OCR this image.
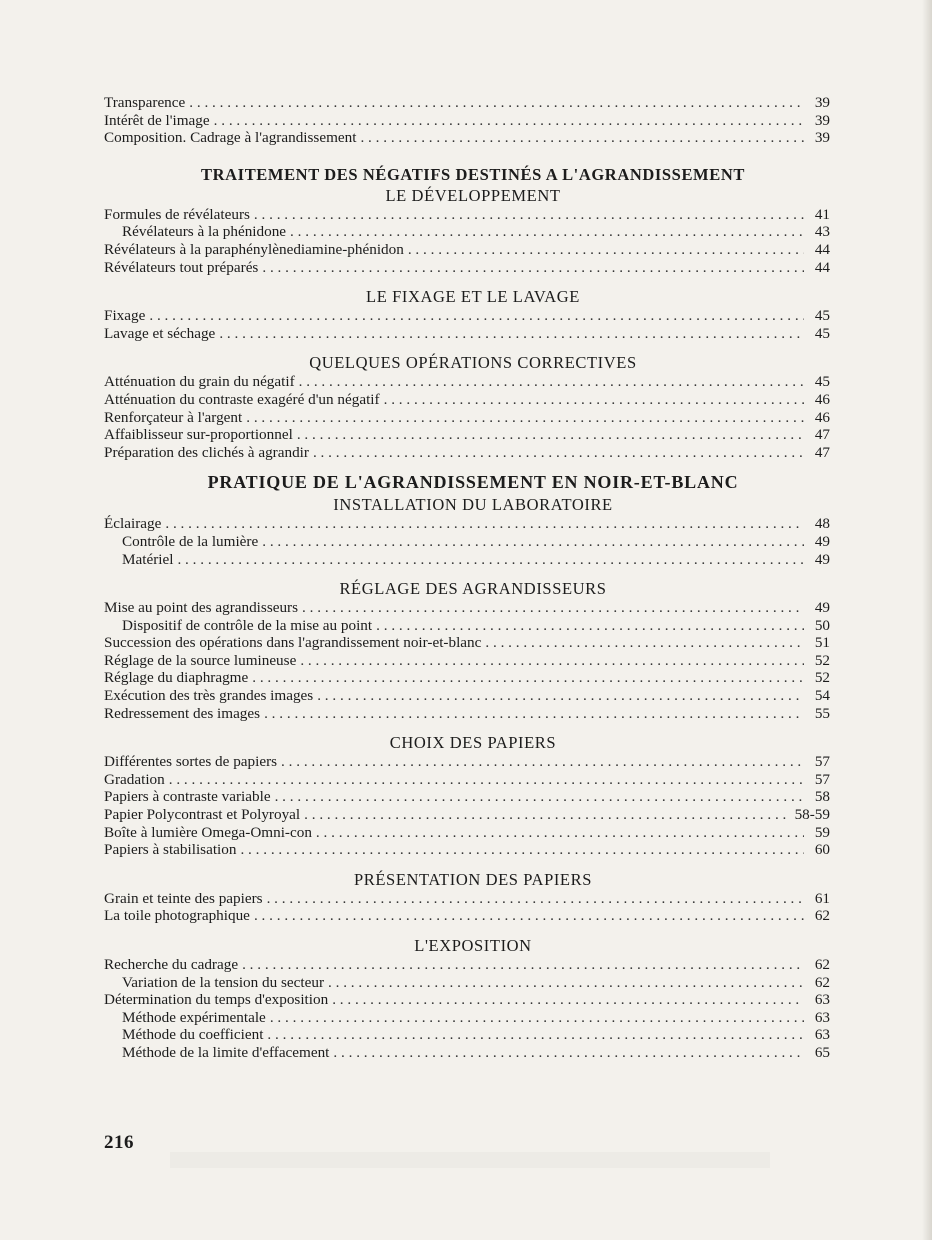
Transparence . . .	39
Intérêt de l'image . . .	39
Composition. Cadrage à l'agrandissement . . .	39
TRAITEMENT DES NÉGATIFS DESTINÉS A L'AGRANDISSEMENT
LE DÉVELOPPEMENT
Formules de révélateurs . . .	41
Révélateurs à la phénidone . . .	43
Révélateurs à la paraphénylènediamine-phénidon . . .	44
Révélateurs tout préparés . . .	44
LE FIXAGE ET LE LAVAGE
Fixage . . .	45
Lavage et séchage . . .	45
QUELQUES OPÉRATIONS CORRECTIVES
Atténuation du grain du négatif . . .	45
Atténuation du contraste exagéré d'un négatif . . .	46
Renforçateur à l'argent . . .	46
Affaiblisseur sur-proportionnel . . .	47
Préparation des clichés à agrandir . . .	47
PRATIQUE DE L'AGRANDISSEMENT EN NOIR-ET-BLANC
INSTALLATION DU LABORATOIRE
Éclairage . . .	48
Contrôle de la lumière . . .	49
Matériel . . .	49
RÉGLAGE DES AGRANDISSEURS
Mise au point des agrandisseurs . . .	49
Dispositif de contrôle de la mise au point . . .	50
Succession des opérations dans l'agrandissement noir-et-blanc . . .	51
Réglage de la source lumineuse . . .	52
Réglage du diaphragme . . .	52
Exécution des très grandes images . . .	54
Redressement des images . . .	55
CHOIX DES PAPIERS
Différentes sortes de papiers . . .	57
Gradation . . .	57
Papiers à contraste variable . . .	58
Papier Polycontrast et Polyroyal . . .	58-59
Boîte à lumière Omega-Omni-con . . .	59
Papiers à stabilisation . . .	60
PRÉSENTATION DES PAPIERS
Grain et teinte des papiers . . .	61
La toile photographique . . .	62
L'EXPOSITION
Recherche du cadrage . . .	62
Variation de la tension du secteur . . .	62
Détermination du temps d'exposition . . .	63
Méthode expérimentale . . .	63
Méthode du coefficient . . .	63
Méthode de la limite d'effacement . . .	65
216
